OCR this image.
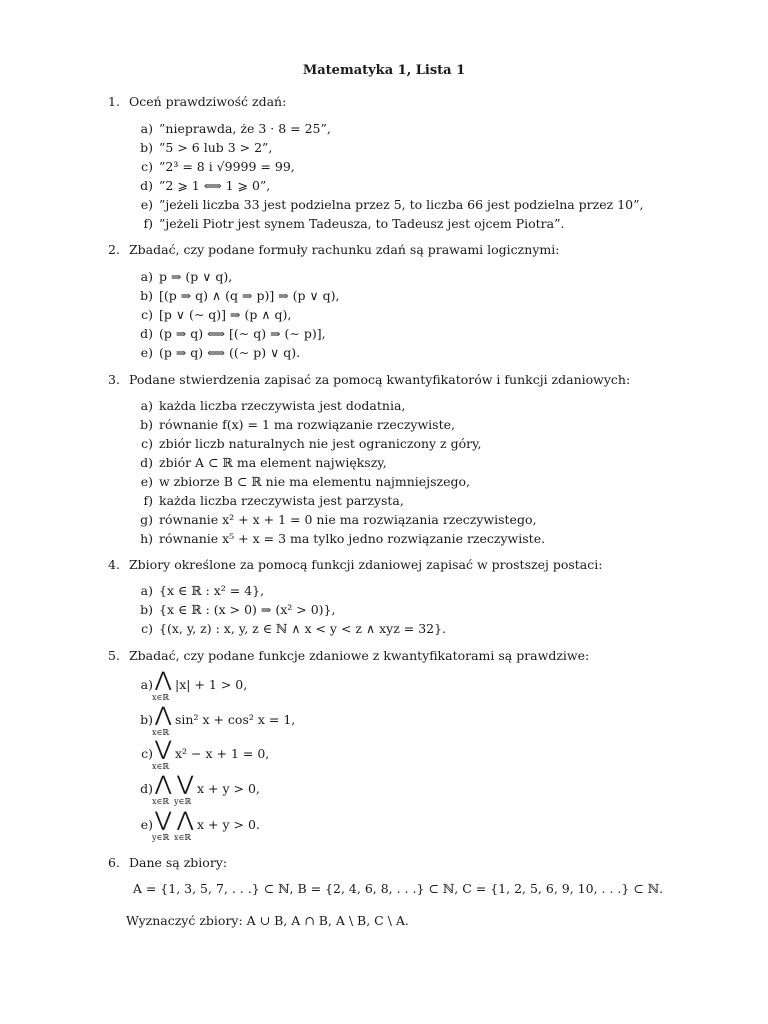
Matematyka 1, Lista 1
1. Oceń prawdziwość zdań:
a) ”nieprawda, że 3 · 8 = 25”,
b) ”5 > 6 lub 3 > 2”,
c) ”2³ = 8 i √9999 = 99,
d) ”2 ⩾ 1 ⟺ 1 ⩾ 0”,
e) ”jeżeli liczba 33 jest podzielna przez 5, to liczba 66 jest podzielna przez 10”,
f) ”jeżeli Piotr jest synem Tadeusza, to Tadeusz jest ojcem Piotra”.
2. Zbadać, czy podane formuły rachunku zdań są prawami logicznymi:
a) p ⇒ (p ∨ q),
b) [(p ⇒ q) ∧ (q ⇒ p)] ⇒ (p ∨ q),
c) [p ∨ (∼ q)] ⇒ (p ∧ q),
d) (p ⇒ q) ⟺ [(∼ q) ⇒ (∼ p)],
e) (p ⇒ q) ⟺ ((∼ p) ∨ q).
3. Podane stwierdzenia zapisać za pomocą kwantyfikatorów i funkcji zdaniowych:
a) każda liczba rzeczywista jest dodatnia,
b) równanie f(x) = 1 ma rozwiązanie rzeczywiste,
c) zbiór liczb naturalnych nie jest ograniczony z góry,
d) zbiór A ⊂ ℝ ma element największy,
e) w zbiorze B ⊂ ℝ nie ma elementu najmniejszego,
f) każda liczba rzeczywista jest parzysta,
g) równanie x² + x + 1 = 0 nie ma rozwiązania rzeczywistego,
h) równanie x⁵ + x = 3 ma tylko jedno rozwiązanie rzeczywiste.
4. Zbiory określone za pomocą funkcji zdaniowej zapisać w prostszej postaci:
a) {x ∈ ℝ : x² = 4},
b) {x ∈ ℝ : (x > 0) ⇒ (x² > 0)},
c) {(x, y, z) : x, y, z ∈ ℕ ∧ x < y < z ∧ xyz = 32}.
5. Zbadać, czy podane funkcje zdaniowe z kwantyfikatorami są prawdziwe:
a) ⋀
x∈ℝ
|x| + 1 > 0,
b) ⋀
x∈ℝ
sin² x + cos² x = 1,
c) ⋁
x∈ℝ
x² − x + 1 = 0,
d) ⋀
x∈ℝ
⋁
y∈ℝ
x + y > 0,
e) ⋁
y∈ℝ
⋀
x∈ℝ
x + y > 0.
6. Dane są zbiory:
A = {1, 3, 5, 7, . . .} ⊂ ℕ, B = {2, 4, 6, 8, . . .} ⊂ ℕ, C = {1, 2, 5, 6, 9, 10, . . .} ⊂ ℕ.
Wyznaczyć zbiory: A ∪ B, A ∩ B, A \ B, C \ A.
